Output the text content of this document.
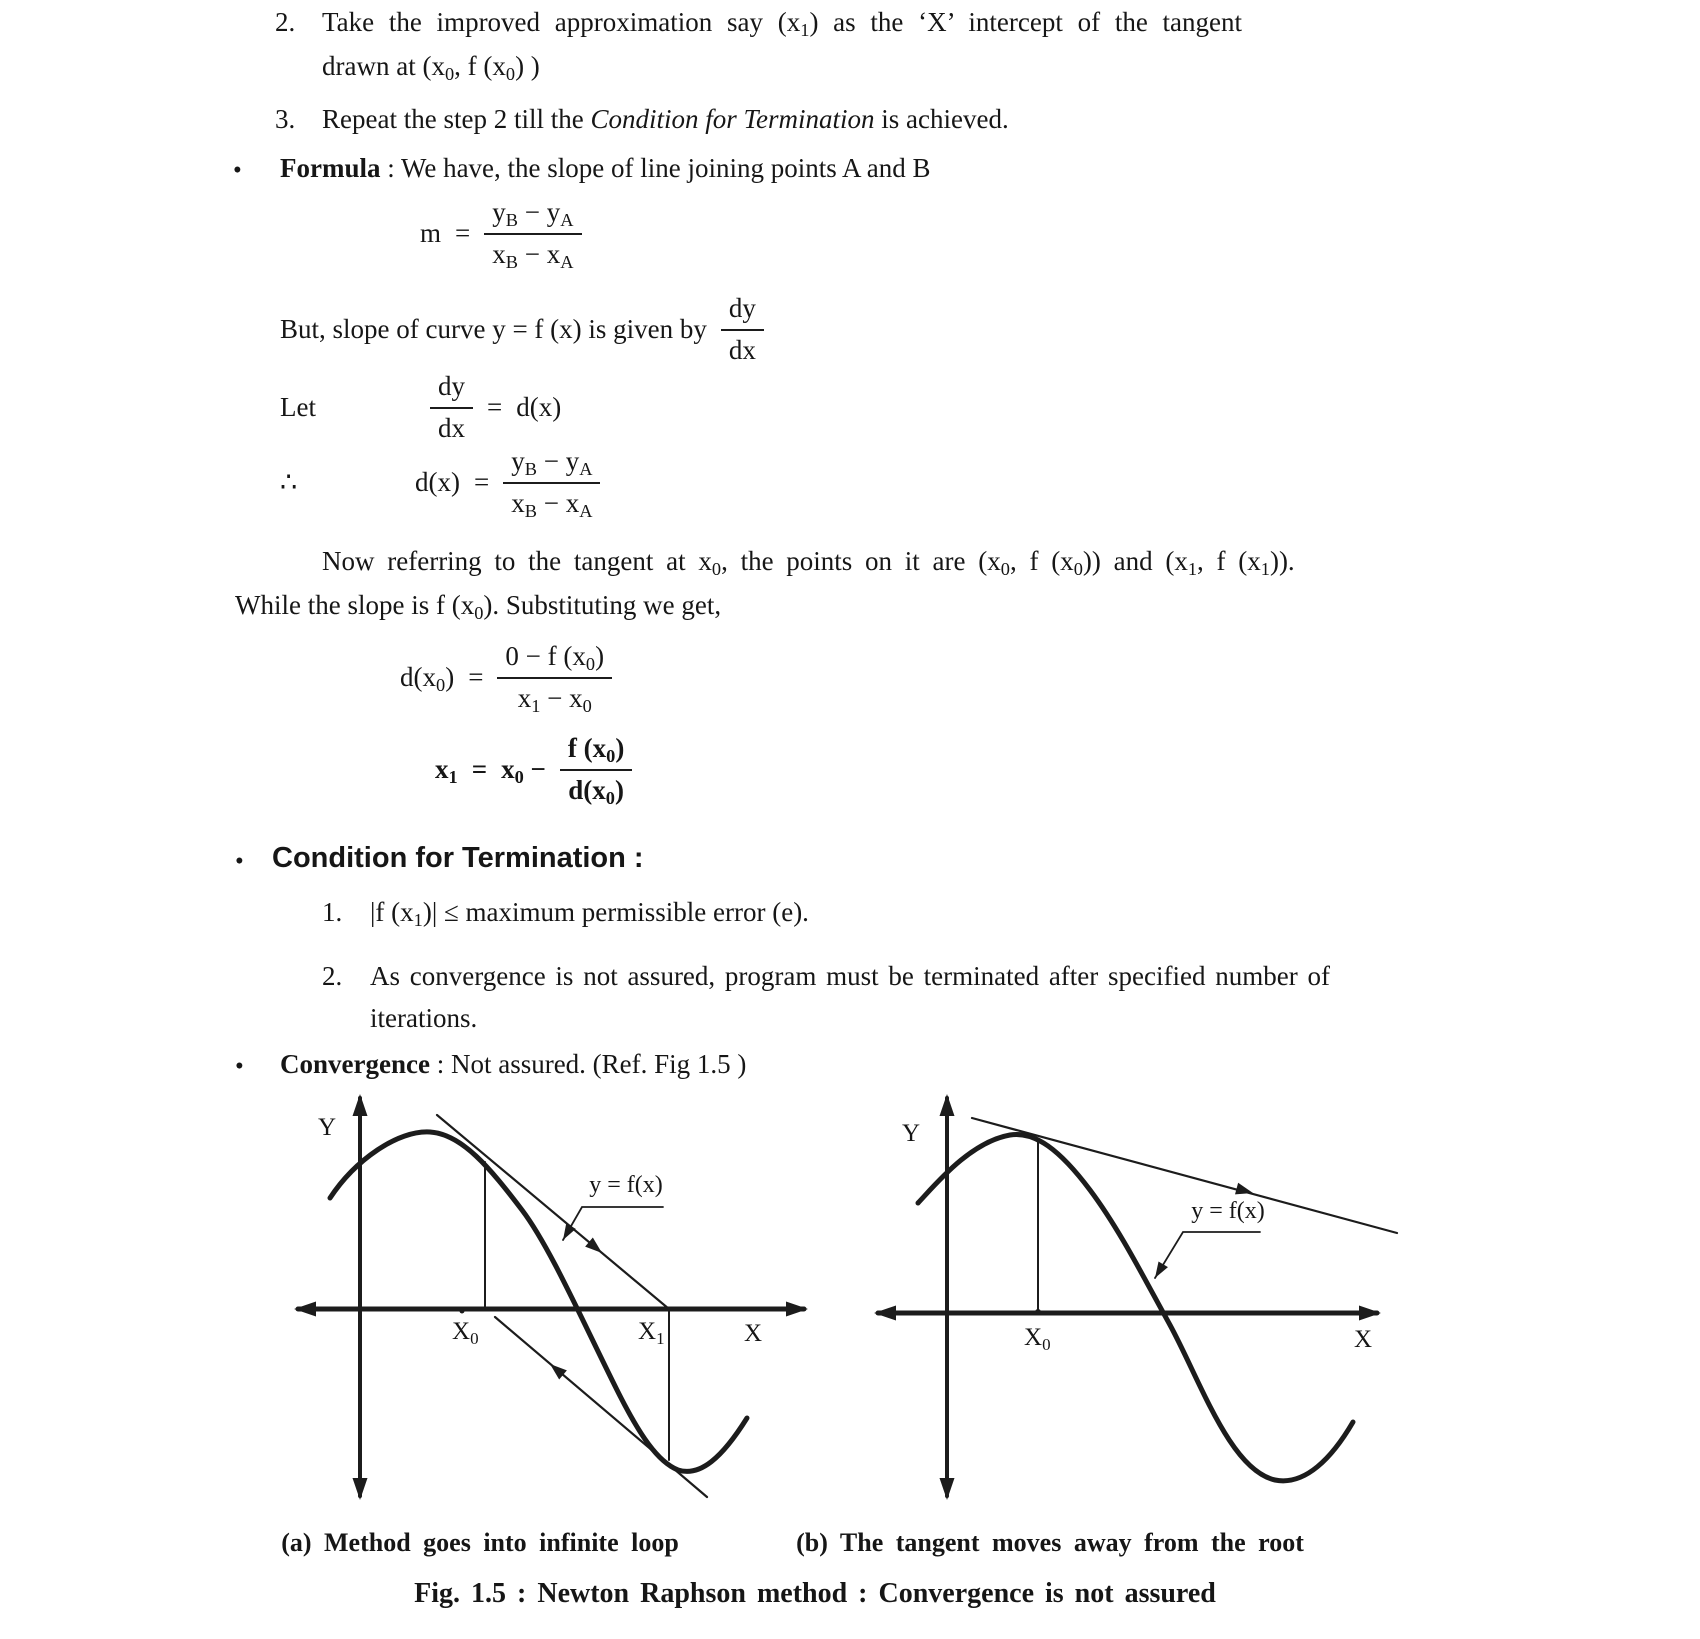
2. Take the improved approximation say $(x_1)$ as the ‘X’ intercept of the tangent
drawn at ($x_0$, f $(x_0)$ )
3. Repeat the step 2 till the Condition for Termination is achieved.
• Formula : We have, the slope of line joining points A and B
$m = \frac{y_B - y_A}{x_B - x_A}$
But, slope of curve y = f (x) is given by $\frac{dy}{dx}$
Let	$\frac{dy}{dx} = d(x)$
∴	$d(x) = \frac{y_B - y_A}{x_B - x_A}$
Now referring to the tangent at $x_0$, the points on it are ($x_0$, f $(x_0)$) and ($x_1$, f $(x_1)$).
While the slope is f $(x_0)$. Substituting we get,
$d(x_0) = \frac{0 - f (x_0)}{x_1 - x_0}$
$x_1 = x_0 - \frac{f (x_0)}{d(x_0)}$
• Condition for Termination :
1. |f $(x_1)|$ ≤ maximum permissible error (e).
2. As convergence is not assured, program must be terminated after specified number of
iterations.
• Convergence : Not assured. (Ref. Fig 1.5 )
Y
y = f(x)
$X_0$	$X_1$	X
Y
y = f(x)
$X_0$	X
(a) Method goes into infinite loop	(b) The tangent moves away from the root
Fig. 1.5 : Newton Raphson method : Convergence is not assured
